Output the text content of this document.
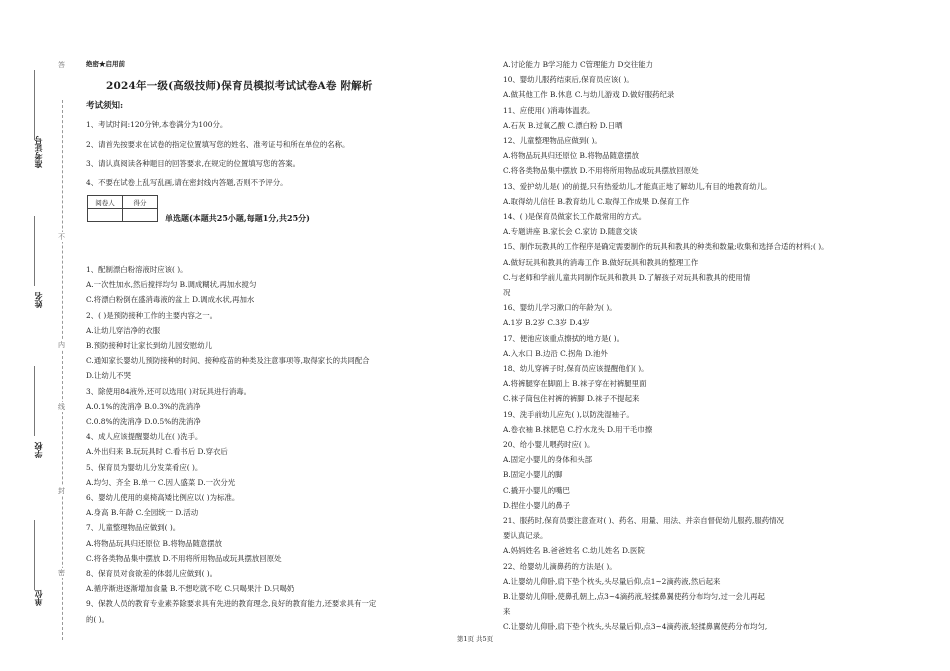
准考证号
姓名
学校
单位
答
不
内
线
封
密
绝密★启用前
2024年一级(高级技师)保育员模拟考试试卷A卷 附解析
考试须知:
1、考试时间:120分钟,本卷满分为100分。
2、请首先按要求在试卷的指定位置填写您的姓名、准考证号和所在单位的名称。
3、请认真阅读各种题目的回答要求,在规定的位置填写您的答案。
4、不要在试卷上乱写乱画,请在密封线内答题,否则不予评分。
阅卷人	得分

单选题(本题共25小题,每题1分,共25分)
1、配制漂白粉溶液时应该( )。
A.一次性加水,然后搅拌均匀 B.调成糊状,再加水搅匀
C.将漂白粉倒在盛消毒液的盆上 D.调成水状,再加水
2、( )是预防接种工作的主要内容之一。
A.让幼儿穿洁净的衣服
B.预防接种时让家长到幼儿园安慰幼儿
C.通知家长婴幼儿预防接种的时间、接种疫苗的种类及注意事项等,取得家长的共同配合
D.让幼儿不哭
3、除使用84液外,还可以选用( )对玩具进行消毒。
A.0.1%的洗消净 B.0.3%的洗消净
C.0.8%的洗消净 D.0.5%的洗消净
4、成人应该提醒婴幼儿在( )洗手。
A.外出归来 B.玩玩具时 C.看书后 D.穿衣后
5、保育员为婴幼儿分发菜肴应( )。
A.均匀、齐全 B.单一 C.因人盛菜 D.一次分光
6、婴幼儿使用的桌椅高矮比例应以( )为标准。
A.身高 B.年龄 C.全园统一 D.活动
7、儿童整理物品应做到( )。
A.将物品玩具归还原位 B.将物品随意摆放
C.将各类物品集中摆放 D.不用将所用物品或玩具摆放回原处
8、保育员对食欲差的体弱儿应做到( )。
A.循序渐进逐渐增加食量 B.不想吃就不吃 C.只喝果汁 D.只喝奶
9、保教人员的教育专业素养除要求具有先进的教育理念,良好的教育能力,还要求具有一定
的( )。
A.讨论能力 B学习能力 C管理能力 D交往能力
10、婴幼儿服药结束后,保育员应该( )。
A.做其他工作 B.休息 C.与幼儿游戏 D.做好服药纪录
11、应使用( )消毒体温表。
A.石灰 B.过氧乙酸 C.漂白粉 D.日晒
12、儿童整理物品应做到( )。
A.将物品玩具归还原位 B.将物品随意摆放
C.将各类物品集中摆放 D.不用将所用物品或玩具摆放回原处
13、爱护幼儿是( )的前提,只有热爱幼儿,才能真正地了解幼儿,有目的地教育幼儿。
A.取得幼儿信任 B.教育幼儿 C.取得工作成果 D.保育工作
14、( )是保育员做家长工作最常用的方式。
A.专题讲座 B.家长会 C.家访 D.随意交谈
15、制作玩教具的工作程序是确定需要制作的玩具和教具的种类和数量;收集和选择合适的材料;( )。
A.做好玩具和教具的消毒工作 B.做好玩具和教具的整理工作
C.与老师和学前儿童共同制作玩具和教具 D.了解孩子对玩具和教具的使用情
况
16、婴幼儿学习漱口的年龄为( )。
A.1岁 B.2岁 C.3岁 D.4岁
17、便池应该重点擦拭的地方是( )。
A.入水口 B.边沿 C.拐角 D.池外
18、幼儿穿裤子时,保育员应该提醒他们( )。
A.将裤腿穿在脚面上 B.袜子穿在衬裤腿里面
C.袜子筒包住衬裤的裤脚 D.袜子不提起来
19、洗手前幼儿应先( ),以防洗湿袖子。
A.卷衣袖 B.抹肥皂 C.拧水龙头 D.用干毛巾擦
20、给小婴儿喂药时应( )。
A.固定小婴儿的身体和头部
B.固定小婴儿的脚
C.撬开小婴儿的嘴巴
D.捏住小婴儿的鼻子
21、服药时,保育员要注意查对( )、药名、用量、用法、并亲自督促幼儿服药,服药情况
要认真记录。
A.妈妈姓名 B.爸爸姓名 C.幼儿姓名 D.医院
22、给婴幼儿滴鼻药的方法是( )。
A.让婴幼儿仰卧,肩下垫个枕头,头尽量后仰,点1~2滴药液,然后起来
B.让婴幼儿仰卧,使鼻孔朝上,点3~4滴药液,轻揉鼻翼使药分布均匀,过一会儿再起
来
C.让婴幼儿仰卧,肩下垫个枕头,头尽量后仰,点3~4滴药液,轻揉鼻翼使药分布均匀,
第1页 共5页
